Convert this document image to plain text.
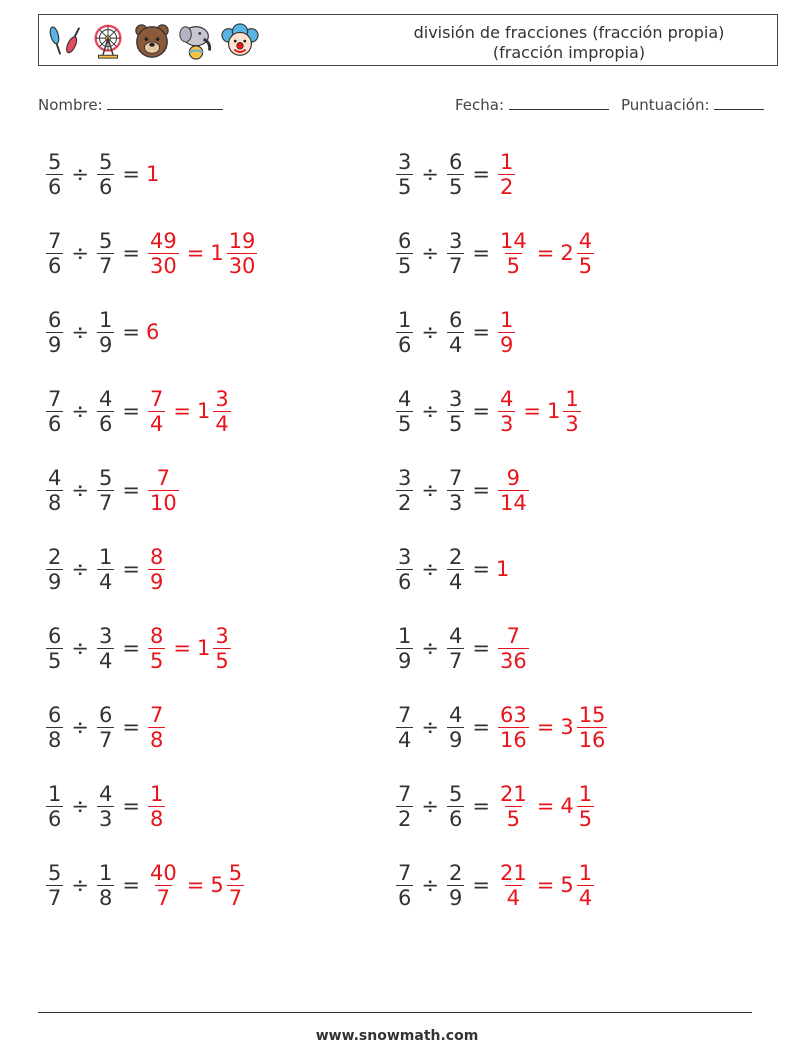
división de fracciones (fracción propia)
(fracción impropia)
Nombre:	Fecha:	Puntuación:
$\frac{5}{6} \div \frac{5}{6} = 1$	$\frac{3}{5} \div \frac{6}{5} = \frac{1}{2}$
$\frac{7}{6} \div \frac{5}{7} = \frac{49}{30} = 1 \frac{19}{30}$	$\frac{6}{5} \div \frac{3}{7} = \frac{14}{5} = 2 \frac{4}{5}$
$\frac{6}{9} \div \frac{1}{9} = 6$	$\frac{1}{6} \div \frac{6}{4} = \frac{1}{9}$
$\frac{7}{6} \div \frac{4}{6} = \frac{7}{4} = 1 \frac{3}{4}$	$\frac{4}{5} \div \frac{3}{5} = \frac{4}{3} = 1 \frac{1}{3}$
$\frac{4}{8} \div \frac{5}{7} = \frac{7}{10}$	$\frac{3}{2} \div \frac{7}{3} = \frac{9}{14}$
$\frac{2}{9} \div \frac{1}{4} = \frac{8}{9}$	$\frac{3}{6} \div \frac{2}{4} = 1$
$\frac{6}{5} \div \frac{3}{4} = \frac{8}{5} = 1 \frac{3}{5}$	$\frac{1}{9} \div \frac{4}{7} = \frac{7}{36}$
$\frac{6}{8} \div \frac{6}{7} = \frac{7}{8}$	$\frac{7}{4} \div \frac{4}{9} = \frac{63}{16} = 3 \frac{15}{16}$
$\frac{1}{6} \div \frac{4}{3} = \frac{1}{8}$	$\frac{7}{2} \div \frac{5}{6} = \frac{21}{5} = 4 \frac{1}{5}$
$\frac{5}{7} \div \frac{1}{8} = \frac{40}{7} = 5 \frac{5}{7}$	$\frac{7}{6} \div \frac{2}{9} = \frac{21}{4} = 5 \frac{1}{4}$
www.snowmath.com
